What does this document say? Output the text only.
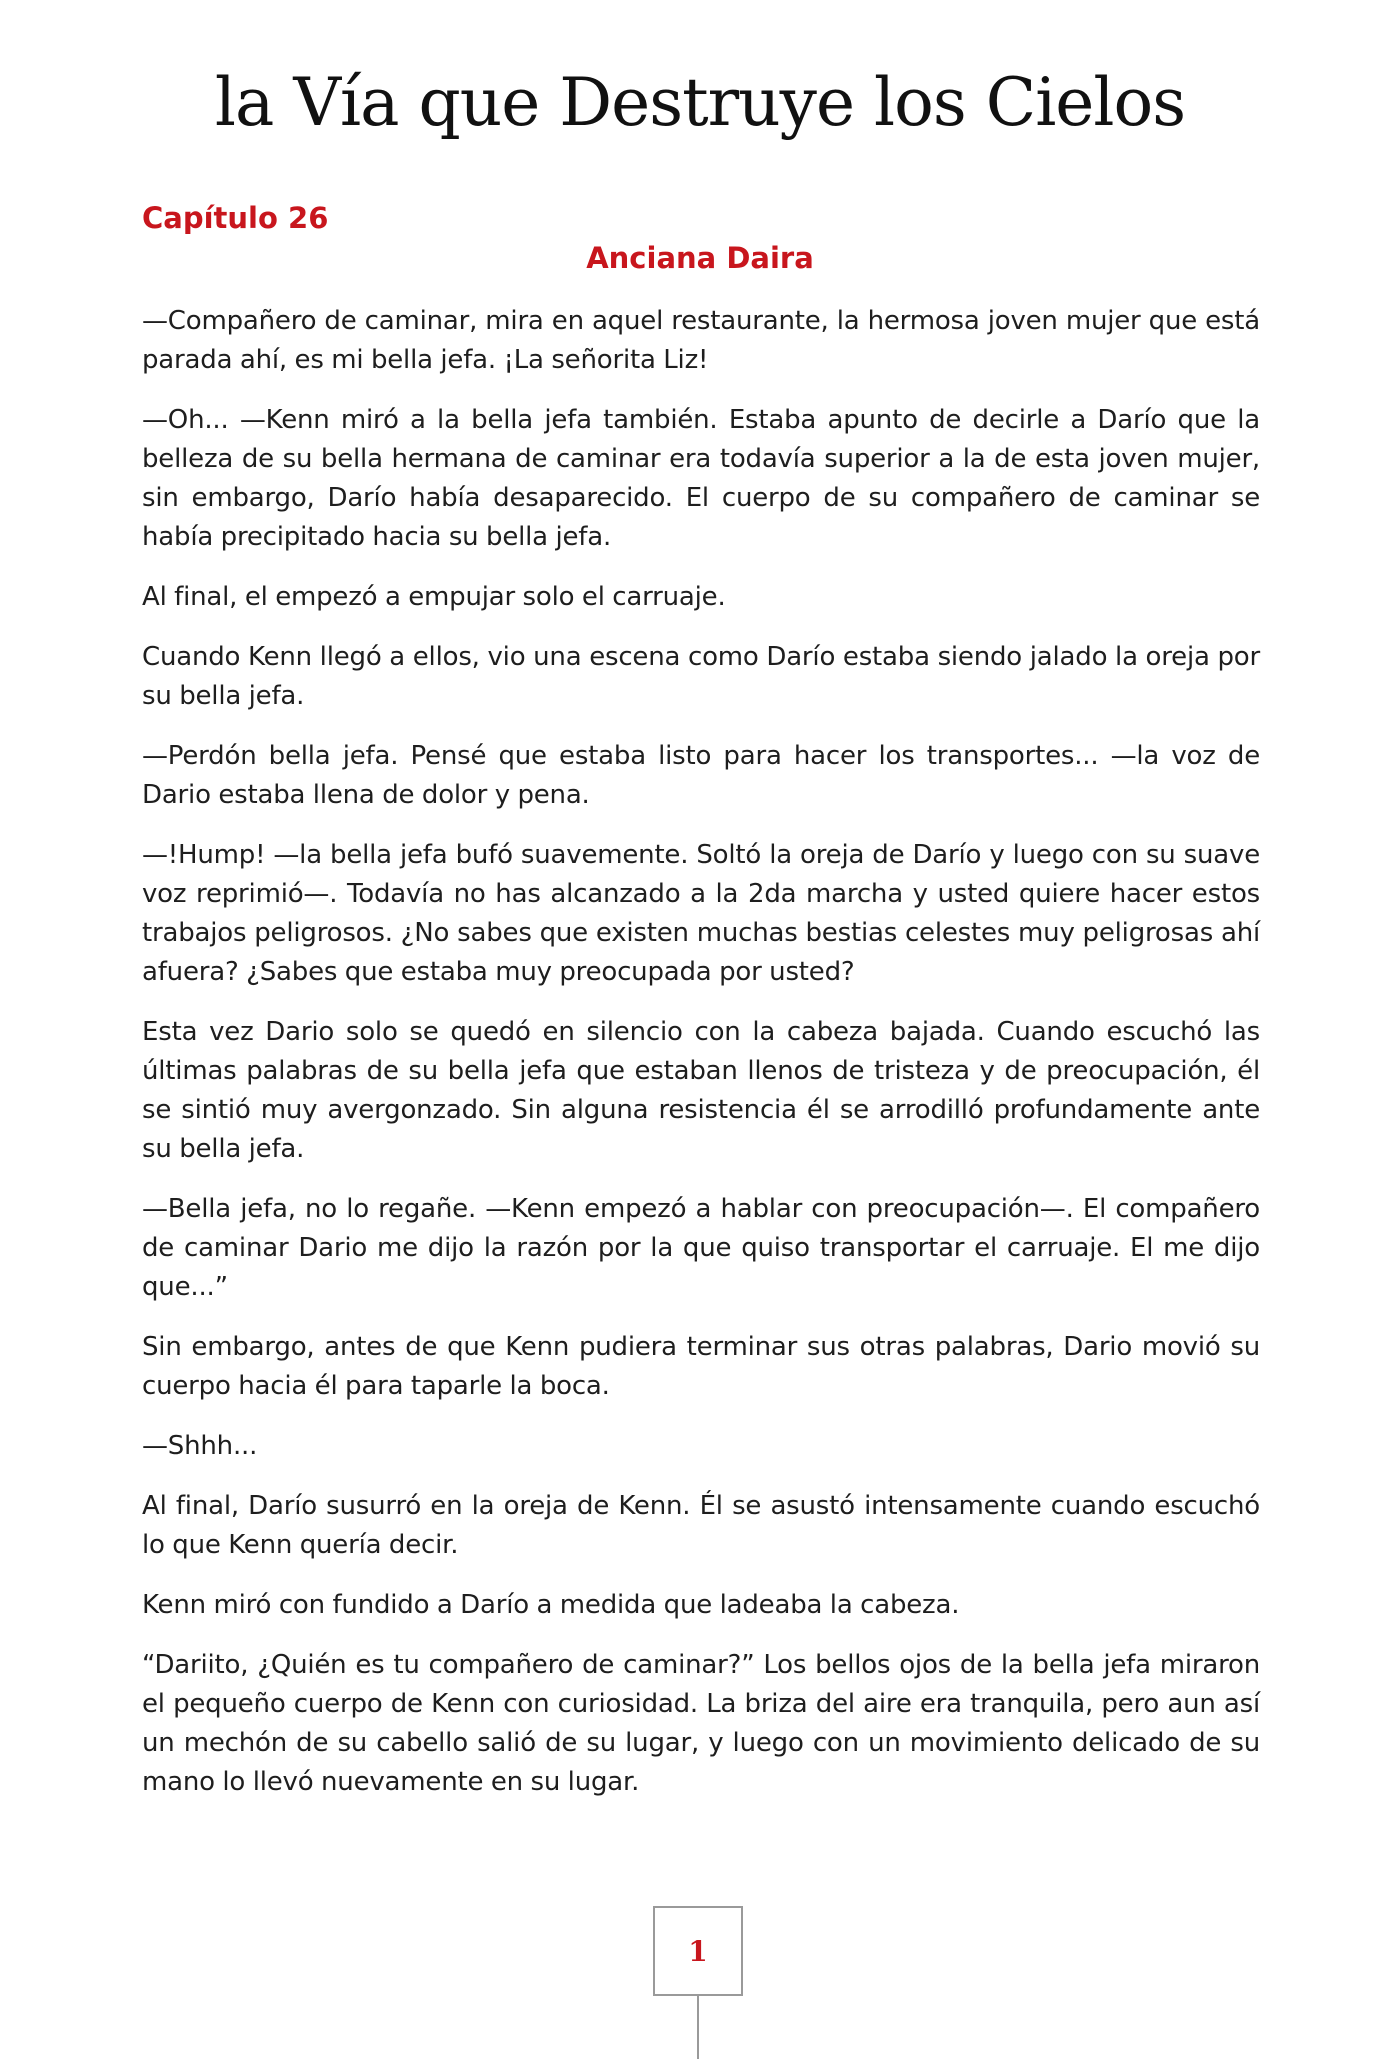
la Vía que Destruye los Cielos
Capítulo 26
Anciana Daira

—Compañero de caminar, mira en aquel restaurante, la hermosa joven mujer que está parada ahí, es mi bella jefa. ¡La señorita Liz!

—Oh... —Kenn miró a la bella jefa también. Estaba apunto de decirle a Darío que la belleza de su bella hermana de caminar era todavía superior a la de esta joven mujer, sin embargo, Darío había desaparecido. El cuerpo de su compañero de caminar se había precipitado hacia su bella jefa.

Al final, el empezó a empujar solo el carruaje.

Cuando Kenn llegó a ellos, vio una escena como Darío estaba siendo jalado la oreja por su bella jefa.

—Perdón bella jefa. Pensé que estaba listo para hacer los transportes... —la voz de Dario estaba llena de dolor y pena.

—!Hump! —la bella jefa bufó suavemente. Soltó la oreja de Darío y luego con su suave voz reprimió—. Todavía no has alcanzado a la 2da marcha y usted quiere hacer estos trabajos peligrosos. ¿No sabes que existen muchas bestias celestes muy peligrosas ahí afuera? ¿Sabes que estaba muy preocupada por usted?

Esta vez Dario solo se quedó en silencio con la cabeza bajada. Cuando escuchó las últimas palabras de su bella jefa que estaban llenos de tristeza y de preocupación, él se sintió muy avergonzado. Sin alguna resistencia él se arrodilló profundamente ante su bella jefa.

—Bella jefa, no lo regañe. —Kenn empezó a hablar con preocupación—. El compañero de caminar Dario me dijo la razón por la que quiso transportar el carruaje. El me dijo que...”

Sin embargo, antes de que Kenn pudiera terminar sus otras palabras, Dario movió su cuerpo hacia él para taparle la boca.

—Shhh...

Al final, Darío susurró en la oreja de Kenn. Él se asustó intensamente cuando escuchó lo que Kenn quería decir.

Kenn miró con fundido a Darío a medida que ladeaba la cabeza.

“Dariito, ¿Quién es tu compañero de caminar?” Los bellos ojos de la bella jefa miraron el pequeño cuerpo de Kenn con curiosidad. La briza del aire era tranquila, pero aun así un mechón de su cabello salió de su lugar, y luego con un movimiento delicado de su mano lo llevó nuevamente en su lugar.

1
